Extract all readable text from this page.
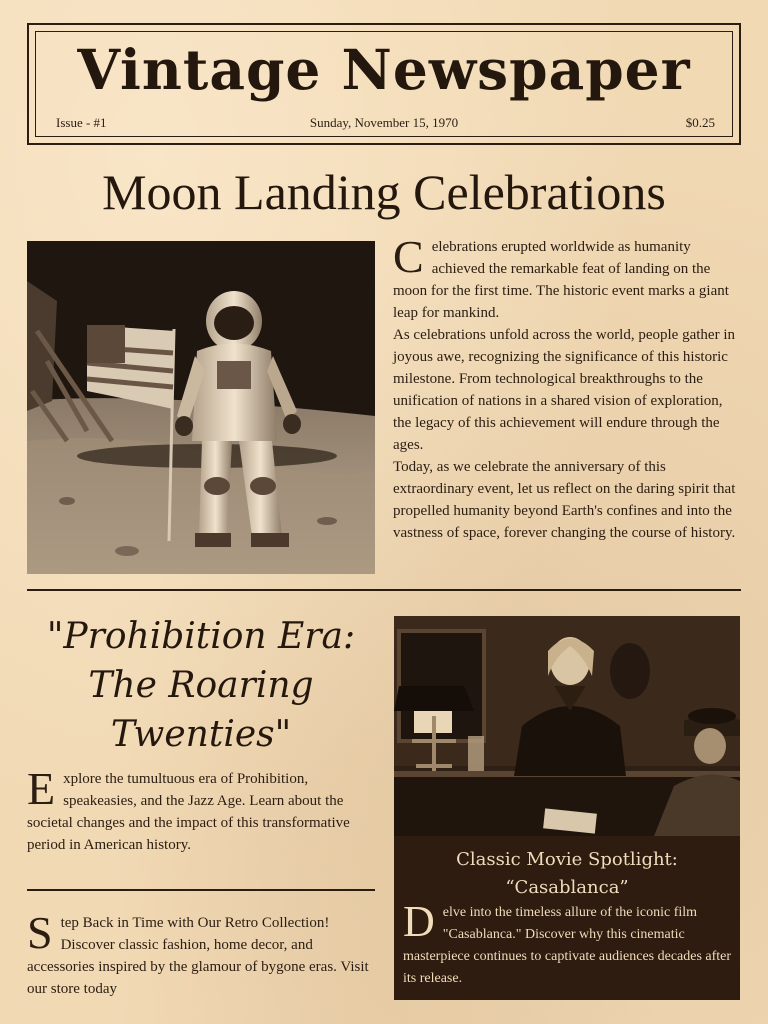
Vintage Newspaper
Issue - #1	Sunday, November 15, 1970	$0.25
Moon Landing Celebrations
C elebrations erupted worldwide as humanity achieved the remarkable feat of landing on the moon for the first time. The historic event marks a giant leap for mankind.

As celebrations unfold across the world, people gather in joyous awe, recognizing the significance of this historic milestone. From technological breakthroughs to the unification of nations in a shared vision of exploration, the legacy of this achievement will endure through the ages.

Today, as we celebrate the anniversary of this extraordinary event, let us reflect on the daring spirit that propelled humanity beyond Earth's confines and into the vastness of space, forever changing the course of history.

"Prohibition Era: The Roaring Twenties"
E xplore the tumultuous era of Prohibition, speakeasies, and the Jazz Age. Learn about the societal changes and the impact of this transformative period in American history.

S tep Back in Time with Our Retro Collection! Discover classic fashion, home decor, and accessories inspired by the glamour of bygone eras. Visit our store today

Classic Movie Spotlight: “Casablanca”
D elve into the timeless allure of the iconic film "Casablanca." Discover why this cinematic masterpiece continues to captivate audiences decades after its release.
